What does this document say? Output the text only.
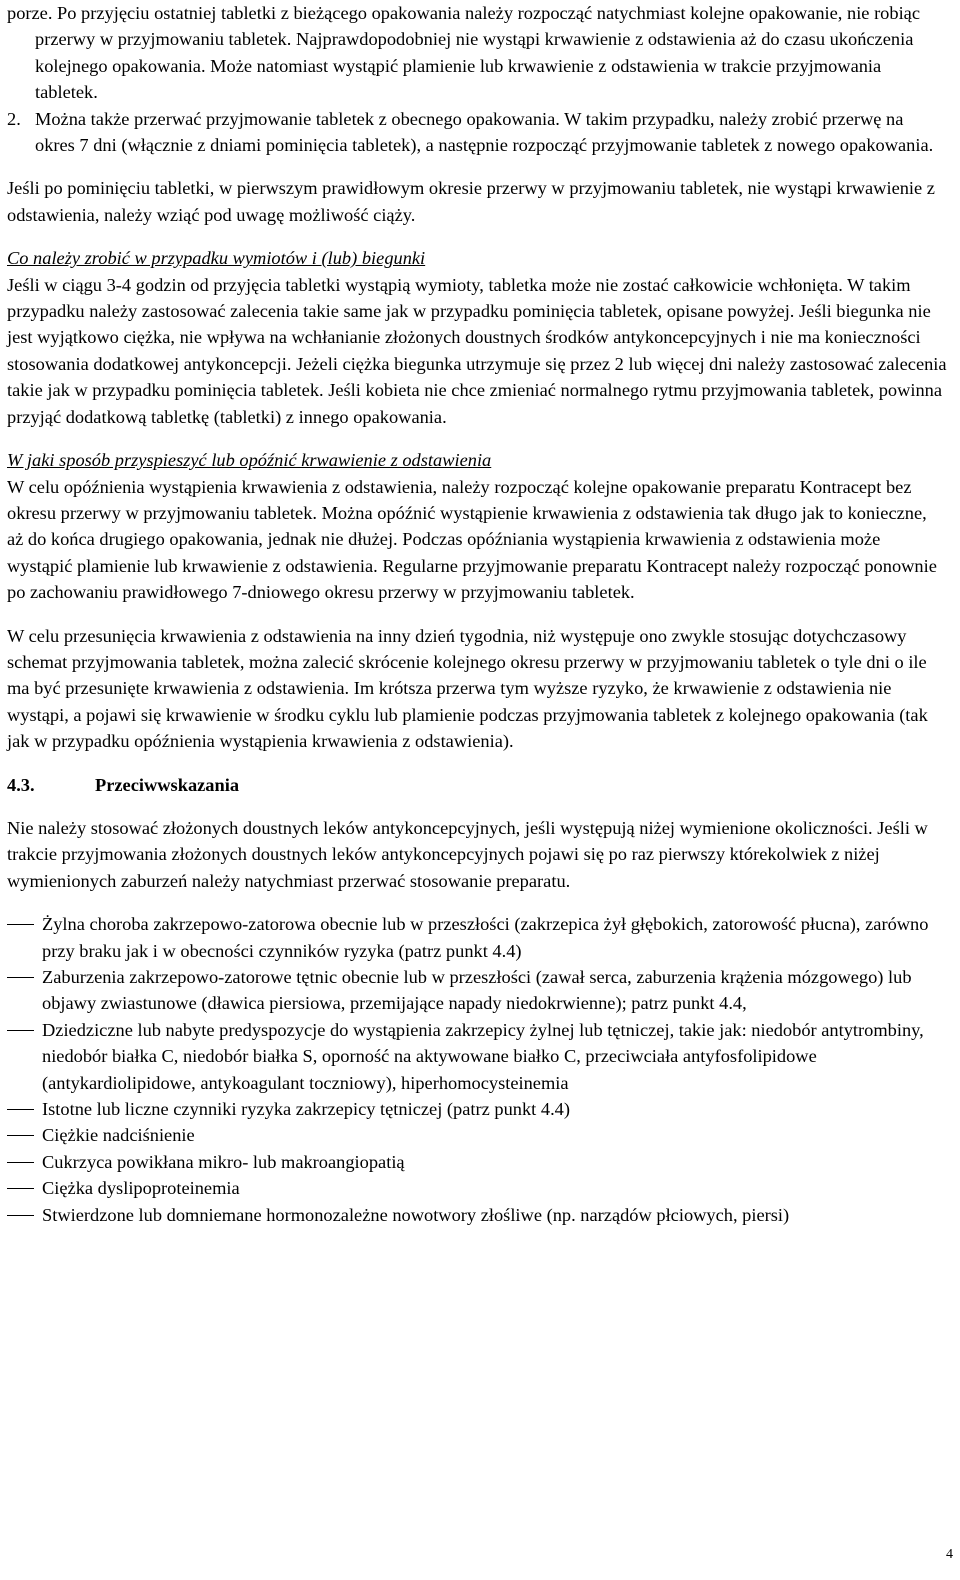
porze. Po przyjęciu ostatniej tabletki z bieżącego opakowania należy rozpocząć natychmiast kolejne opakowanie, nie robiąc przerwy w przyjmowaniu tabletek. Najprawdopodobniej nie wystąpi krwawienie z odstawienia aż do czasu ukończenia kolejnego opakowania. Może natomiast wystąpić plamienie lub krwawienie z odstawienia w trakcie przyjmowania tabletek.

2. Można także przerwać przyjmowanie tabletek z obecnego opakowania. W takim przypadku, należy zrobić przerwę na okres 7 dni (włącznie z dniami pominięcia tabletek), a następnie rozpocząć przyjmowanie tabletek z nowego opakowania.

Jeśli po pominięciu tabletki, w pierwszym prawidłowym okresie przerwy w przyjmowaniu tabletek, nie wystąpi krwawienie z odstawienia, należy wziąć pod uwagę możliwość ciąży.

Co należy zrobić w przypadku wymiotów i (lub) biegunki

Jeśli w ciągu 3-4 godzin od przyjęcia tabletki wystąpią wymioty, tabletka może nie zostać całkowicie wchłonięta. W takim przypadku należy zastosować zalecenia takie same jak w przypadku pominięcia tabletek, opisane powyżej. Jeśli biegunka nie jest wyjątkowo ciężka, nie wpływa na wchłanianie złożonych doustnych środków antykoncepcyjnych i nie ma konieczności stosowania dodatkowej antykoncepcji. Jeżeli ciężka biegunka utrzymuje się przez 2 lub więcej dni należy zastosować zalecenia takie jak w przypadku pominięcia tabletek. Jeśli kobieta nie chce zmieniać normalnego rytmu przyjmowania tabletek, powinna przyjąć dodatkową tabletkę (tabletki) z innego opakowania.

W jaki sposób przyspieszyć lub opóźnić krwawienie z odstawienia

W celu opóźnienia wystąpienia krwawienia z odstawienia, należy rozpocząć kolejne opakowanie preparatu Kontracept bez okresu przerwy w przyjmowaniu tabletek. Można opóźnić wystąpienie krwawienia z odstawienia tak długo jak to konieczne, aż do końca drugiego opakowania, jednak nie dłużej. Podczas opóźniania wystąpienia krwawienia z odstawienia może wystąpić plamienie lub krwawienie z odstawienia. Regularne przyjmowanie preparatu Kontracept należy rozpocząć ponownie po zachowaniu prawidłowego 7-dniowego okresu przerwy w przyjmowaniu tabletek.

W celu przesunięcia krwawienia z odstawienia na inny dzień tygodnia, niż występuje ono zwykle stosując dotychczasowy schemat przyjmowania tabletek, można zalecić skrócenie kolejnego okresu przerwy w przyjmowaniu tabletek o tyle dni o ile ma być przesunięte krwawienia z odstawienia. Im krótsza przerwa tym wyższe ryzyko, że krwawienie z odstawienia nie wystąpi, a pojawi się krwawienie w środku cyklu lub plamienie podczas przyjmowania tabletek z kolejnego opakowania (tak jak w przypadku opóźnienia wystąpienia krwawienia z odstawienia).

4.3.	Przeciwwskazania

Nie należy stosować złożonych doustnych leków antykoncepcyjnych, jeśli występują niżej wymienione okoliczności. Jeśli w trakcie przyjmowania złożonych doustnych leków antykoncepcyjnych pojawi się po raz pierwszy którekolwiek z niżej wymienionych zaburzeń należy natychmiast przerwać stosowanie preparatu.

Żylna choroba zakrzepowo-zatorowa obecnie lub w przeszłości (zakrzepica żył głębokich, zatorowość płucna), zarówno przy braku jak i w obecności czynników ryzyka (patrz punkt 4.4)
Zaburzenia zakrzepowo-zatorowe tętnic obecnie lub w przeszłości (zawał serca, zaburzenia krążenia mózgowego) lub objawy zwiastunowe (dławica piersiowa, przemijające napady niedokrwienne); patrz punkt 4.4,
Dziedziczne lub nabyte predyspozycje do wystąpienia zakrzepicy żylnej lub tętniczej, takie jak: niedobór antytrombiny, niedobór białka C, niedobór białka S, oporność na aktywowane białko C, przeciwciała antyfosfolipidowe (antykardiolipidowe, antykoagulant toczniowy), hiperhomocysteinemia
Istotne lub liczne czynniki ryzyka zakrzepicy tętniczej (patrz punkt 4.4)
Ciężkie nadciśnienie
Cukrzyca powikłana mikro- lub makroangiopatią
Ciężka dyslipoproteinemia
Stwierdzone lub domniemane hormonozależne nowotwory złośliwe (np. narządów płciowych, piersi)
4
